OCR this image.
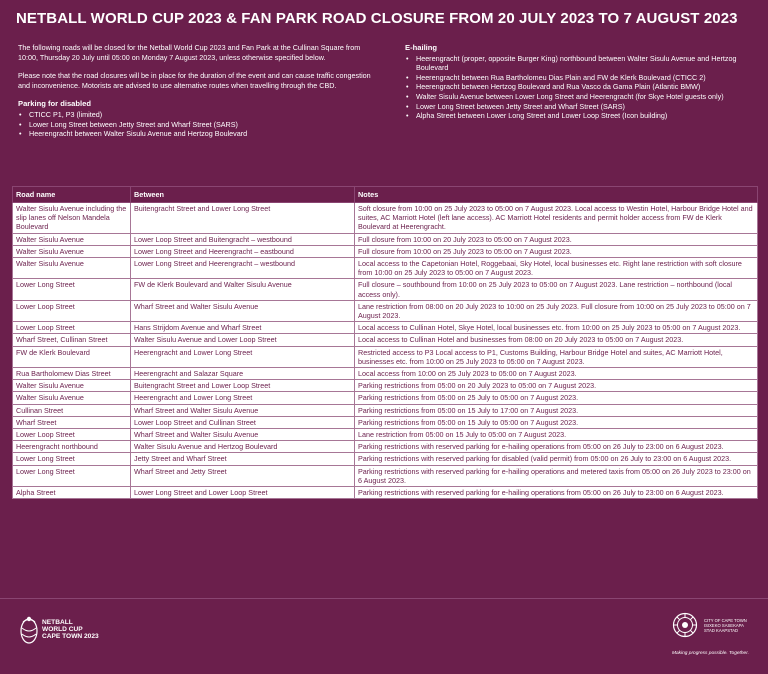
NETBALL WORLD CUP 2023 & FAN PARK ROAD CLOSURE FROM 20 JULY 2023 TO 7 AUGUST 2023

The following roads will be closed for the Netball World Cup 2023 and Fan Park at the Cullinan Square from 10:00, Thursday 20 July until 05:00 on Monday 7 August 2023, unless otherwise specified below.

Please note that the road closures will be in place for the duration of the event and can cause traffic congestion and inconvenience. Motorists are advised to use alternative routes when travelling through the CBD.

Parking for disabled
• CTICC P1, P3 (limited)
• Lower Long Street between Jetty Street and Wharf Street (SARS)
• Heerengracht between Walter Sisulu Avenue and Hertzog Boulevard
E-hailing
• Heerengracht (proper, opposite Burger King) northbound between Walter Sisulu Avenue and Hertzog Boulevard
• Heerengracht between Rua Bartholomeu Dias Plain and FW de Klerk Boulevard (CTICC 2)
• Heerengracht between Hertzog Boulevard and Rua Vasco da Gama Plain (Atlantic BMW)
• Walter Sisulu Avenue between Lower Long Street and Heerengracht (for Skye Hotel guests only)
• Lower Long Street between Jetty Street and Wharf Street (SARS)
• Alpha Street between Lower Long Street and Lower Loop Street (Icon building)
Road name	Between	Notes
Walter Sisulu Avenue including the slip lanes off Nelson Mandela Boulevard	Buitengracht Street and Lower Long Street	Soft closure from 10:00 on 25 July 2023 to 05:00 on 7 August 2023. Local access to Westin Hotel, Harbour Bridge Hotel and suites, AC Marriott Hotel (left lane access). AC Marriott Hotel residents and permit holder access from FW de Klerk Boulevard at Heerengracht.
Walter Sisulu Avenue	Lower Loop Street and Buitengracht – westbound	Full closure from 10:00 on 20 July 2023 to 05:00 on 7 August 2023.
Walter Sisulu Avenue	Lower Long Street and Heerengracht – eastbound	Full closure from 10:00 on 25 July 2023 to 05:00 on 7 August 2023.
Walter Sisulu Avenue	Lower Long Street and Heerengracht – westbound	Local access to the Capetonian Hotel, Roggebaai, Sky Hotel, local businesses etc. Right lane restriction with soft closure from 10:00 on 25 July 2023 to 05:00 on 7 August 2023.
Lower Long Street	FW de Klerk Boulevard and Walter Sisulu Avenue	Full closure – southbound from 10:00 on 25 July 2023 to 05:00 on 7 August 2023. Lane restriction – northbound (local access only).
Lower Loop Street	Wharf Street and Walter Sisulu Avenue	Lane restriction from 08:00 on 20 July 2023 to 10:00 on 25 July 2023. Full closure from 10:00 on 25 July 2023 to 05:00 on 7 August 2023.
Lower Loop Street	Hans Strijdom Avenue and Wharf Street	Local access to Cullinan Hotel, Skye Hotel, local businesses etc. from 10:00 on 25 July 2023 to 05:00 on 7 August 2023.
Wharf Street, Cullinan Street	Walter Sisulu Avenue and Lower Loop Street	Local access to Cullinan Hotel and businesses from 08:00 on 20 July 2023 to 05:00 on 7 August 2023.
FW de Klerk Boulevard	Heerengracht and Lower Long Street	Restricted access to P3 Local access to P1, Customs Building, Harbour Bridge Hotel and suites, AC Marriott Hotel, businesses etc. from 10:00 on 25 July 2023 to 05:00 on 7 August 2023.
Rua Bartholomew Dias Street	Heerengracht and Salazar Square	Local access from 10:00 on 25 July 2023 to 05:00 on 7 August 2023.
Walter Sisulu Avenue	Buitengracht Street and Lower Loop Street	Parking restrictions from 05:00 on 20 July 2023 to 05:00 on 7 August 2023.
Walter Sisulu Avenue	Heerengracht and Lower Long Street	Parking restrictions from 05:00 on 25 July to 05:00 on 7 August 2023.
Cullinan Street	Wharf Street and Walter Sisulu Avenue	Parking restrictions from 05:00 on 15 July to 17:00 on 7 August 2023.
Wharf Street	Lower Loop Street and Cullinan Street	Parking restrictions from 05:00 on 15 July to 05:00 on 7 August 2023.
Lower Loop Street	Wharf Street and Walter Sisulu Avenue	Lane restriction from 05:00 on 15 July to 05:00 on 7 August 2023.
Heerengracht northbound	Walter Sisulu Avenue and Hertzog Boulevard	Parking restrictions with reserved parking for e-hailing operations from 05:00 on 26 July to 23:00 on 6 August 2023.
Lower Long Street	Jetty Street and Wharf Street	Parking restrictions with reserved parking for disabled (valid permit) from 05:00 on 26 July to 23:00 on 6 August 2023.
Lower Long Street	Wharf Street and Jetty Street	Parking restrictions with reserved parking for e-hailing operations and metered taxis from 05:00 on 26 July 2023 to 23:00 on 6 August 2023.
Alpha Street	Lower Long Street and Lower Loop Street	Parking restrictions with reserved parking for e-hailing operations from 05:00 on 26 July to 23:00 on 6 August 2023.
NETBALL
WORLD CUP
CAPE TOWN 2023
CITY OF CAPE TOWN
ISIXEKO SASEKAPA
STAD KAAPSTAD
Making progress possible. Together.
